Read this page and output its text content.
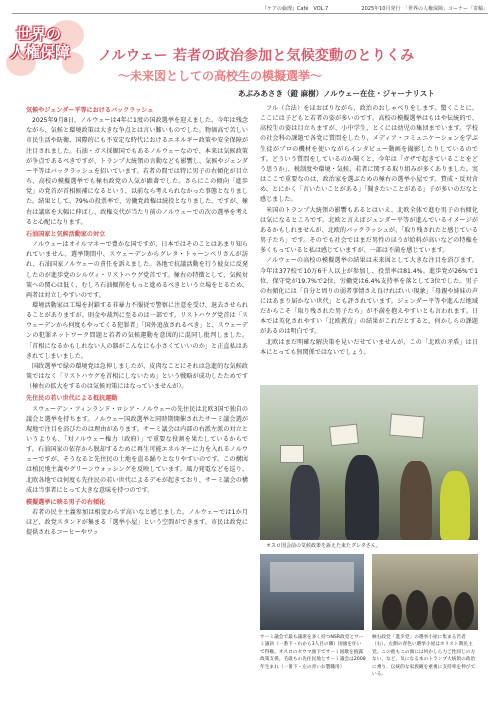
『ケアの倫理』Café　VOL.7	2025年10月発行　「世界の人権保障」コーナー「寄稿」
世界の
人権保障 ノルウェー 若者の政治参加と気候変動のとりくみ
～未来図としての高校生の模擬選挙～
あぶみあさき（鐙 麻樹）ノルウェー在住・ジャーナリスト

気候やジェンダー平等におけるバックラッシュ

2025年9月8日、ノルウェーは4年に1度の国政選挙を迎えました。今年は残念ながら、気候と環境政策は大きな争点とは言い難いものでした。物価高で苦しい市民生活や防衛、国際的にも不安定な時代におけるエネルギー政策や安全保障が注目されました。石油・ガス採掘国でもあるノルウェーなので、本来は気候政策が争点であるべきですが、トランプ大統領の言動なども影響し、気候やジェンダー平等はバックラッシュを招いています。若者の間では特に男子の右傾化が目立ち、高校の模擬選挙でも極右政党の人気が顕著でした。さらにこの傾向「進歩党」の党首が首相候補になるという、以前なら考えられなかった事態となりました。結果として、79%の投票率で、労働党政権は続投となりました。ですが、極右は議席を大幅に伸ばし、政権交代が当たり前のノルウェーでの次の選挙を考えると心配になります。

石油国家と気候活動家の対立

ノルウェーはオイルマネーで豊かな国ですが、日本ではそのことはあまり知られていません。選挙期間中、スウェーデンからグレタ・トゥーンベリさんが訪れ、石油国家ノルウェーの責任を訴えました。各地で抗議活動を行う彼女に反発したのが進歩党のシルヴィ・リストハウグ党首です。極右の特徴として、気候対策への関心は低く、むしろ石油掘削をもっと進めるべきという立場をとるため、両者は対立しやすいのです。

環境活動家は工場を封鎖する非暴力不服従で警察に注意を受け、退去させられることがありますが、則金や裁判に至るのは一部です。リストハウグ党首は「スウェーデンから何度もやってくる犯罪者」「国外追放されるべき」と、スウェーデンの犯罪ネットワーク問題と若者の気候運動を意図的に混同し批判しました。「首相になるかもしれない人の器がこんなにも小さくていいのか」と正直私はあきれてしまいました。

国政選挙で緑の環境党は急伸しましたが、皮肉なことにそれは急進的な気候政策ではなく「リストハウグを首相にしないため」という戦略が成功したためです（極右の拡大をするのは気候対策にはなっていませんが）。

先住民の若い世代による抵抗運動

スウェーデン・フィンランド・ロシア・ノルウェーの先住民は北欧3国で独自の議会と選挙を持ちます。ノルウェー国政選挙と同時期開催されたサーミ議会選が現地で注目を浴びたのは理由があります。サーミ議会は内部の右派左派の対立というよりも、「対ノルウェー権力（政府）」で重要な役割を果たしているからです。石油国家の依存から脱却するために再生可能エネルギーに力を入れるノルウェーですが、そうなると先住民の土地を盗る踊りとなりやすいのです。この構図は植民地主義やグリーンウォッシングを反映しています。風力発電などを巡り、北欧各地では何度も先住民の若い世代によるデモが起きており、サーミ議会の構成は当事者にとって大きな意味を持つのです。

模擬選挙に映る男子の右傾化

若者の民主主義参加は相変わらず高いなと感じました。ノルウェーでは1か月ほど、政党スタンドが集まる「選挙小屋」という空間ができます。市民は政党に提供されるコーヒーやワッ

フル（合法）をほおばりながら、政治のおしゃべりをします。驚くことに、ここには子どもと若者の姿が多いのです。高校の模擬選挙はもはや伝統的で、高校生の姿は目立ちますが、小中学生、とくには幼児の集団までいます。学校の社会科の課題で各党に質問をしたり、メディア・コミュニケーションを学ぶ生徒がプロの機材を使いながらインタビュー動画を撮影したりしているのです。どういう質問をしているのか聞くと、今年は「ガザで起きていることをどう思うか」、税制度や環境・気候、若者に関する取り組みが多くありました。実はここで重要なのは、政治家を選ぶための極右の選挙小屋です。賛成・反対含め、とにかく「言いたいことがある」「聞きたいことがある」子が多いのだなと感じました。

米国のトランプ大統領の影響もあるとはいえ、北欧全体で進む男子の右傾化は気になるところです。北欧と言えばジェンダー平等が進んでいるイメージがあるかもしれませんが、北欧的バックラッシュが、「取り残されたと感じている男子たち」です。そのでも社会ではまだ男性のほうが給料が高いなどの特権を多くもっていると私は感じていますが、一部は不満を感じています。

ノルウェーの高校の模擬選挙の結果は未来図として大きな注目を浴びます。今年は377校で10万6千人以上が参加し、投票率は81.4%。進歩党が26%で1位、保守党が19.7%で2位、労働党は6.4%支持率を落として3位でした。男子の右傾化には「自分と周りの弱者事情さえ良ければいい現象」「母親や姉妹の声にはあまり届かない世代」とも評されています。ジェンダー平等や進んだ地域だからこそ「取り残された男子たち」が不満を抱えやすいとも言われます。日本では英化されやすい「北欧教育」の結果がこれだとすると、何かしらの課題があるのは明白です。

北欧はまだ明確な解決策を見いだせていませんが、この「北欧の矛盾」は日本にとっても無関係ではないでしょう。

オスロ国会前の気候政策を訴えた束たグレタさん。
サーミ議会で最も議席を多く持つNSR政党とサーミ議員（一番下・右から3人目の隣）国旗を住いで得権。オスロのセウマ旗下でサーミ国歌を披露　政策支援。毛歳もの先住民地とサーミ議会は2008年生まれ（一番下・左の青いお製職用）
極右政党「進歩党」の選挙小屋に集まる若者（右）。左側の青色い選挙小屋はホリスト教民主党。この他もこの旗には何かしら力ご性同じの方ない。など、気になる本のトランプ大統領の政治に乗り、伝統的な家族観を重視に支持率を伸びている。
